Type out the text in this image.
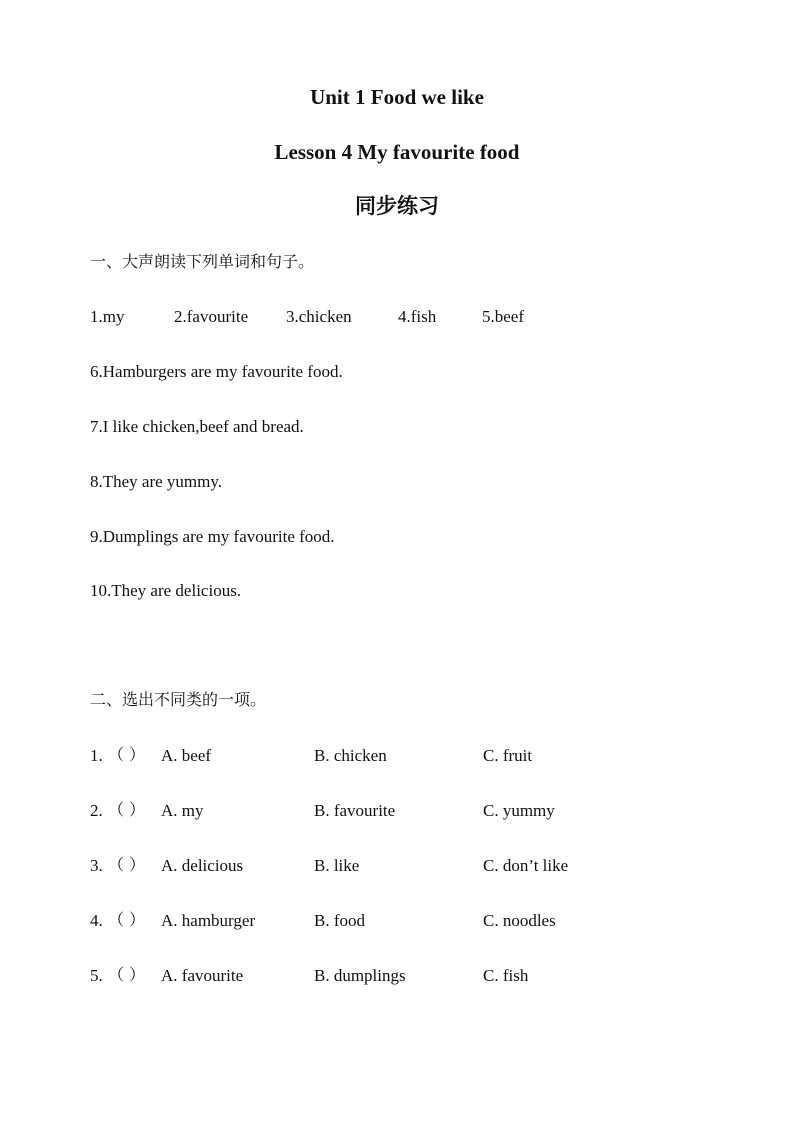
Unit 1 Food we like
Lesson 4 My favourite food
同步练习
一、大声朗读下列单词和句子。
1.my	2.favourite 3.chicken	4.fish	5.beef
6.Hamburgers are my favourite food.
7.I like chicken,beef and bread.
8.They are yummy.
9.Dumplings are my favourite food.
10.They are delicious.
二、选出不同类的一项。
1. （ ） A. beef	B. chicken	C. fruit
2. （ ） A. my	B. favourite	C. yummy
3. （ ） A. delicious	B. like	C. don’t like
4. （ ） A. hamburger	B. food	C. noodles
5. （ ） A. favourite	B. dumplings	C. fish
